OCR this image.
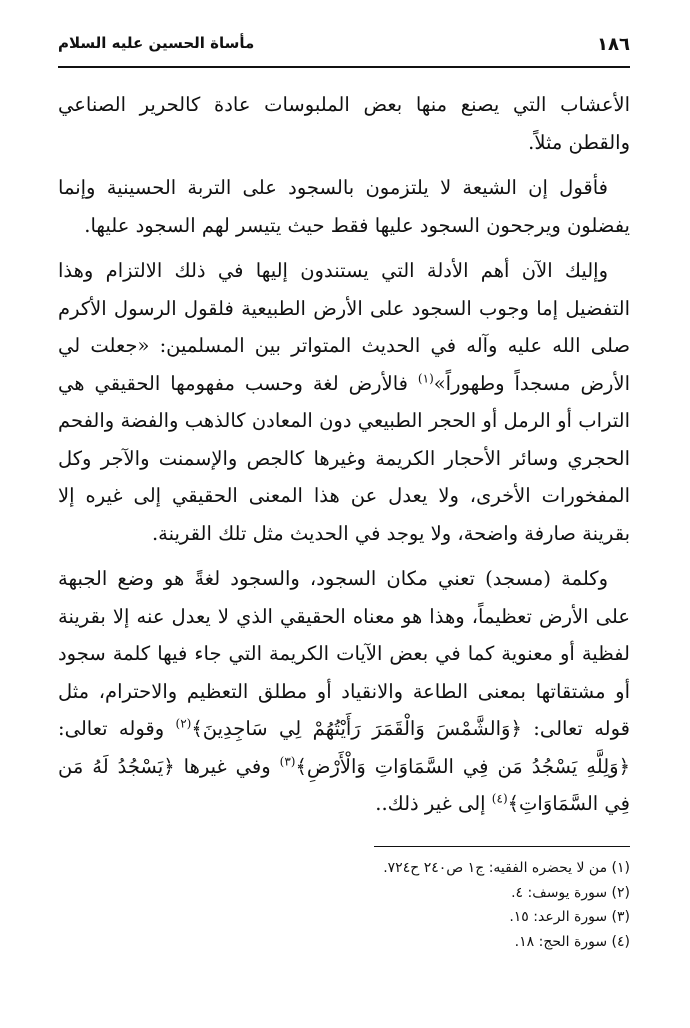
١٨٦
مأساة الحسين عليه السلام

الأعشاب التي يصنع منها بعض الملبوسات عادة كالحرير الصناعي والقطن مثلاً.

فأقول إن الشيعة لا يلتزمون بالسجود على التربة الحسينية وإنما يفضلون ويرجحون السجود عليها فقط حيث يتيسر لهم السجود عليها.

وإليك الآن أهم الأدلة التي يستندون إليها في ذلك الالتزام وهذا التفضيل إما وجوب السجود على الأرض الطبيعية فلقول الرسول الأكرم صلى الله عليه وآله في الحديث المتواتر بين المسلمين: «جعلت لي الأرض مسجداً وطهوراً»$^{(١)}$ فالأرض لغة وحسب مفهومها الحقيقي هي التراب أو الرمل أو الحجر الطبيعي دون المعادن كالذهب والفضة والفحم الحجري وسائر الأحجار الكريمة وغيرها كالجص والإسمنت والآجر وكل المفخورات الأخرى، ولا يعدل عن هذا المعنى الحقيقي إلى غيره إلا بقرينة صارفة واضحة، ولا يوجد في الحديث مثل تلك القرينة.

وكلمة (مسجد) تعني مكان السجود، والسجود لغةً هو وضع الجبهة على الأرض تعظيماً، وهذا هو معناه الحقيقي الذي لا يعدل عنه إلا بقرينة لفظية أو معنوية كما في بعض الآيات الكريمة التي جاء فيها كلمة سجود أو مشتقاتها بمعنى الطاعة والانقياد أو مطلق التعظيم والاحترام، مثل قوله تعالى: ﴿وَالشَّمْسَ وَالْقَمَرَ رَأَيْتُهُمْ لِي سَاجِدِينَ﴾$^{(٢)}$ وقوله تعالى: ﴿وَلِلَّهِ يَسْجُدُ مَن فِي السَّمَاوَاتِ وَالْأَرْضِ﴾$^{(٣)}$ وفي غيرها ﴿يَسْجُدُ لَهُ مَن فِي السَّمَاوَاتِ﴾$^{(٤)}$ إلى غير ذلك..

(١) من لا يحضره الفقيه: ج١ ص٢٤٠ ح٧٢٤.
(٢) سورة يوسف: ٤.
(٣) سورة الرعد: ١٥.
(٤) سورة الحج: ١٨.
